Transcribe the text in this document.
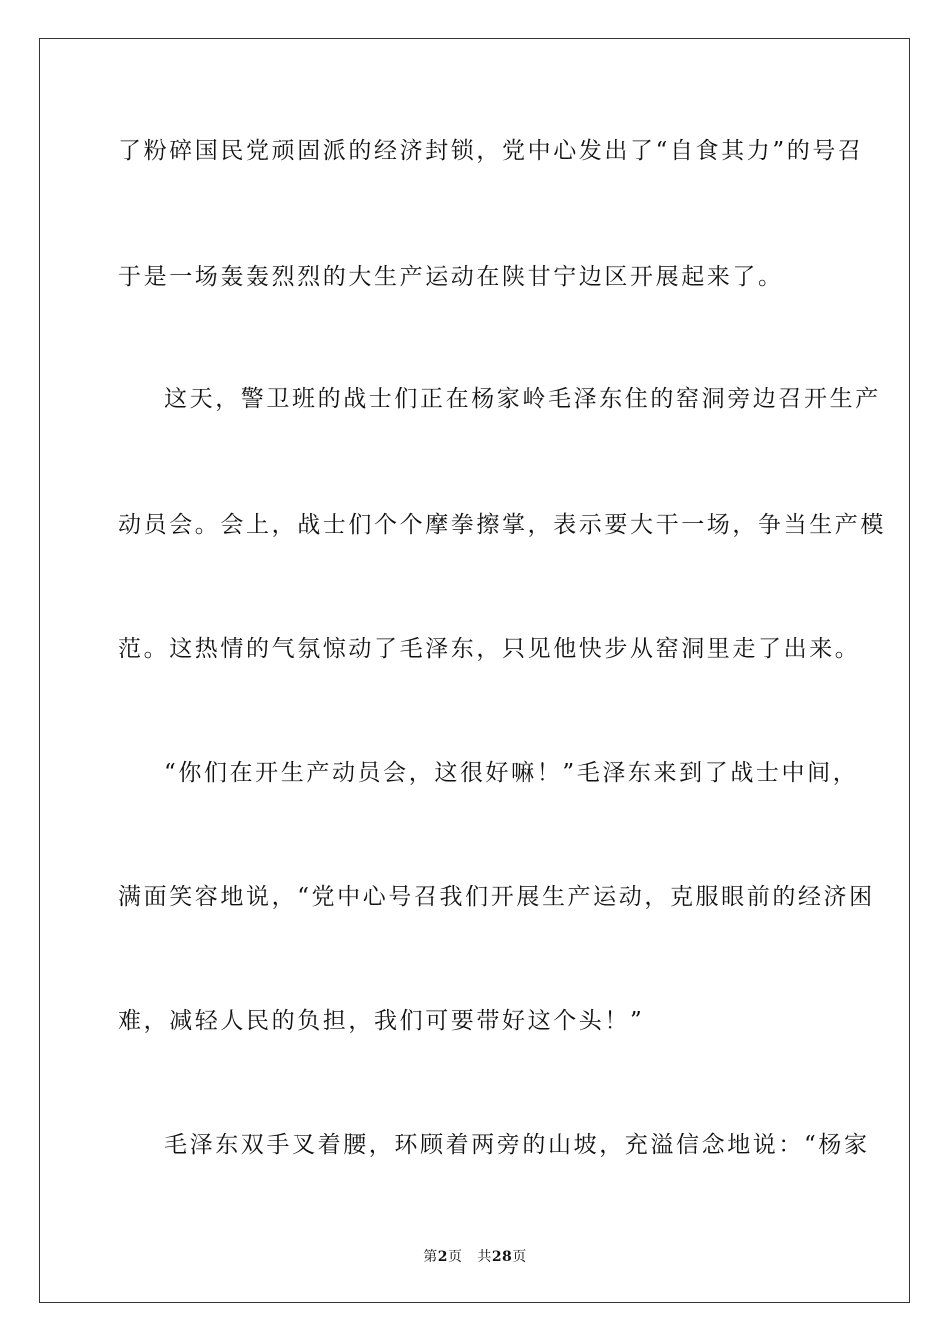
了粉碎国民党顽固派的经济封锁，党中心发出了“自食其力”的号召
于是一场轰轰烈烈的大生产运动在陕甘宁边区开展起来了。
这天，警卫班的战士们正在杨家岭毛泽东住的窑洞旁边召开生产
动员会。会上，战士们个个摩拳擦掌，表示要大干一场，争当生产模
范。这热情的气氛惊动了毛泽东，只见他快步从窑洞里走了出来。
“你们在开生产动员会，这很好嘛！”毛泽东来到了战士中间，
满面笑容地说，“党中心号召我们开展生产运动，克服眼前的经济困
难，减轻人民的负担，我们可要带好这个头！”
毛泽东双手叉着腰，环顾着两旁的山坡，充溢信念地说：“杨家
第2页 共28页
